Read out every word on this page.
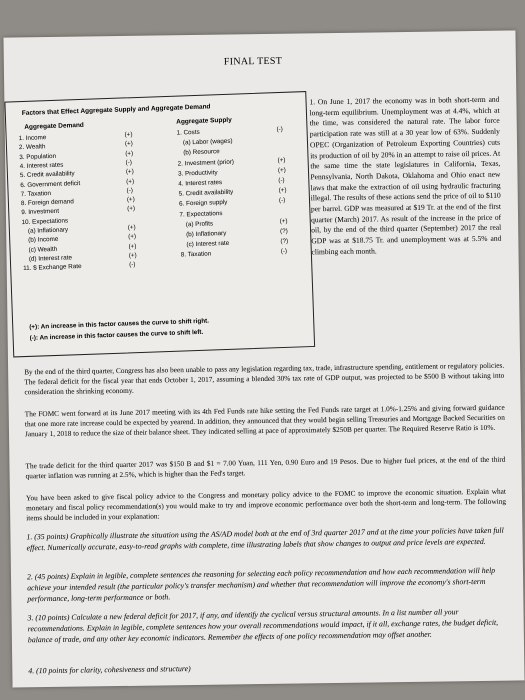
FINAL TEST
Factors that Effect Aggregate Supply and Aggregate Demand
Aggregate Demand
Aggregate Supply
1. Income	(+)
2. Wealth	(+)
3. Population	(+)
4. Interest rates	(-)
5. Credit availability	(+)
6. Government deficit	(+)
7. Taxation	(-)
8. Foreign demand	(+)
9. Investment	(+)
10. Expectations
(a) Inflationary	(+)
(b) Income	(+)
(c) Wealth	(+)
(d) Interest rate	(+)
11. $ Exchange Rate	(-)
1. Costs	(-)
(a) Labor (wages)
(b) Resource
2. Investment (prior)	(+)
3. Productivity	(+)
4. Interest rates	(-)
5. Credit availability	(+)
6. Foreign supply	(-)
7. Expectations
(a) Profits	(+)
(b) Inflationary	(?)
(c) Interest rate	(?)
8. Taxation	(-)
(+): An increase in this factor causes the curve to shift right.
(-): An increase in this factor causes the curve to shift left.
1. On June 1, 2017 the economy was in both short-term and long-term equilibrium. Unemployment was at 4.4%, which at the time, was considered the natural rate. The labor force participation rate was still at a 30 year low of 63%. Suddenly OPEC (Organization of Petroleum Exporting Countries) cuts its production of oil by 20% in an attempt to raise oil prices. At the same time the state legislatures in California, Texas, Pennsylvania, North Dakota, Oklahoma and Ohio enact new laws that make the extraction of oil using hydraulic fracturing illegal. The results of these actions send the price of oil to $110 per barrel. GDP was measured at $19 Tr. at the end of the first quarter (March) 2017. As result of the increase in the price of oil, by the end of the third quarter (September) 2017 the real GDP was at $18.75 Tr. and unemployment was at 5.5% and climbing each month.
By the end of the third quarter, Congress has also been unable to pass any legislation regarding tax, trade, infrastructure spending, entitlement or regulatory policies. The federal deficit for the fiscal year that ends October 1, 2017, assuming a blended 30% tax rate of GDP output, was projected to be $500 B without taking into consideration the shrinking economy.
The FOMC went forward at its June 2017 meeting with its 4th Fed Funds rate hike setting the Fed Funds rate target at 1.0%-1.25% and giving forward guidance that one more rate increase could be expected by yearend. In addition, they announced that they would begin selling Treasuries and Mortgage Backed Securities on January 1, 2018 to reduce the size of their balance sheet. They indicated selling at pace of approximately $250B per quarter. The Required Reserve Ratio is 10%.
The trade deficit for the third quarter 2017 was $150 B and $1 = 7.00 Yuan, 111 Yen, 0.90 Euro and 19 Pesos. Due to higher fuel prices, at the end of the third quarter inflation was running at 2.5%, which is higher than the Fed's target.
You have been asked to give fiscal policy advice to the Congress and monetary policy advice to the FOMC to improve the economic situation. Explain what monetary and fiscal policy recommendation(s) you would make to try and improve economic performance over both the short-term and long-term. The following items should be included in your explanation:
1. (35 points) Graphically illustrate the situation using the AS/AD model both at the end of 3rd quarter 2017 and at the time your policies have taken full effect. Numerically accurate, easy-to-read graphs with complete, time illustrating labels that show changes to output and price levels are expected.
2. (45 points) Explain in legible, complete sentences the reasoning for selecting each policy recommendation and how each recommendation will help achieve your intended result (the particular policy's transfer mechanism) and whether that recommendation will improve the economy's short-term performance, long-term performance or both.
3. (10 points) Calculate a new federal deficit for 2017, if any, and identify the cyclical versus structural amounts. In a list number all your recommendations. Explain in legible, complete sentences how your overall recommendations would impact, if it all, exchange rates, the budget deficit, balance of trade, and any other key economic indicators. Remember the effects of one policy recommendation may offset another.
4. (10 points for clarity, cohesiveness and structure)
